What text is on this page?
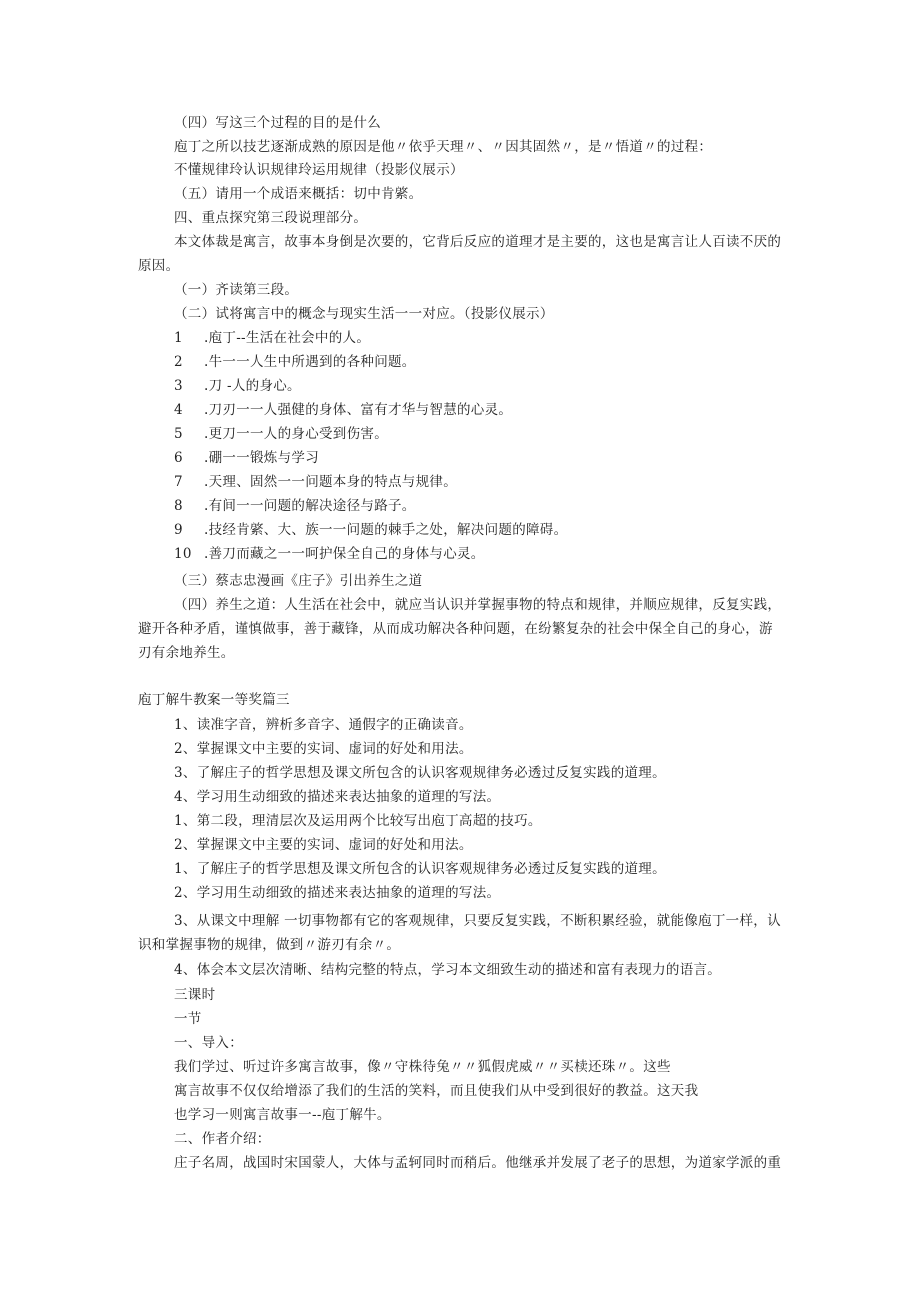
（四）写这三个过程的目的是什么
庖丁之所以技艺逐渐成熟的原因是他〃依乎天理〃、〃因其固然〃，是〃悟道〃的过程：
不懂规律玲认识规律玲运用规律（投影仪展示）
（五）请用一个成语来概括：切中肯綮。
四、重点探究第三段说理部分。
本文体裁是寓言，故事本身倒是次要的，它背后反应的道理才是主要的，这也是寓言让人百读不厌的
原因。
（一）齐读第三段。
（二）试将寓言中的概念与现实生活一一对应。（投影仪展示）
1 .庖丁--生活在社会中的人。
2 .牛一一人生中所遇到的各种问题。
3 .刀 -人的身心。
4 .刀刃一一人强健的身体、富有才华与智慧的心灵。
5 .更刀一一人的身心受到伤害。
6 .硼一一锻炼与学习
7 .天理、固然一一问题本身的特点与规律。
8 .有间一一问题的解决途径与路子。
9 .技经肯綮、大、族一一问题的棘手之处，解决问题的障碍。
10 .善刀而藏之一一呵护保全自己的身体与心灵。
（三）蔡志忠漫画《庄子》引出养生之道
（四）养生之道：人生活在社会中，就应当认识并掌握事物的特点和规律，并顺应规律，反复实践，
避开各种矛盾，谨慎做事，善于藏锋，从而成功解决各种问题，在纷繁复杂的社会中保全自己的身心，游
刃有余地养生。
庖丁解牛教案一等奖篇三
1、读准字音，辨析多音字、通假字的正确读音。
2、掌握课文中主要的实词、虚词的好处和用法。
3、了解庄子的哲学思想及课文所包含的认识客观规律务必透过反复实践的道理。
4、学习用生动细致的描述来表达抽象的道理的写法。
1、第二段，理清层次及运用两个比较写出庖丁高超的技巧。
2、掌握课文中主要的实词、虚词的好处和用法。
1、了解庄子的哲学思想及课文所包含的认识客观规律务必透过反复实践的道理。
2、学习用生动细致的描述来表达抽象的道理的写法。
3、从课文中理解 一切事物都有它的客观规律，只要反复实践，不断积累经验，就能像庖丁一样，认
识和掌握事物的规律，做到〃游刃有余〃。
4、体会本文层次清晰、结构完整的特点，学习本文细致生动的描述和富有表现力的语言。
三课时
一节
一、导入：
我们学过、听过许多寓言故事，像〃守株待兔〃〃狐假虎威〃〃买椟还珠〃。这些
寓言故事不仅仅给增添了我们的生活的笑料，而且使我们从中受到很好的教益。这天我
也学习一则寓言故事一--庖丁解牛。
二、作者介绍：
庄子名周，战国时宋国蒙人，大体与孟轲同时而稍后。他继承并发展了老子的思想，为道家学派的重
